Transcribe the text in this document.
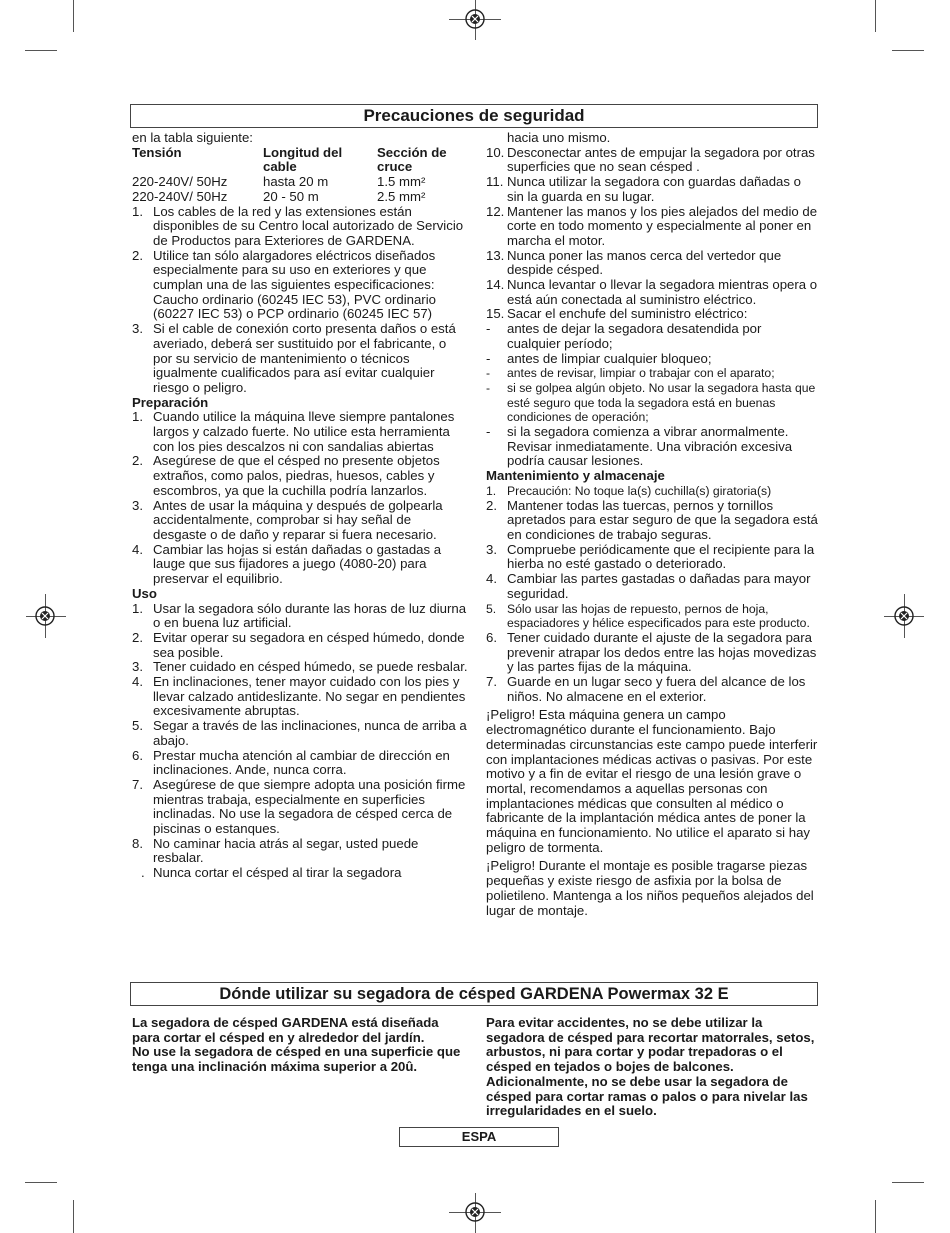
Precauciones de seguridad

en la tabla siguiente:

Tensión	Longitud del cable	Sección de cruce
220-240V/ 50Hz	hasta 20 m	1.5 mm²
220-240V/ 50Hz	20 - 50 m	2.5 mm²
1. Los cables de la red y las extensiones están disponibles de su Centro local autorizado de Servicio de Productos para Exteriores de GARDENA.
2. Utilice tan sólo alargadores eléctricos diseñados especialmente para su uso en exteriores y que cumplan una de las siguientes especificaciones: Caucho ordinario (60245 IEC 53), PVC ordinario (60227 IEC 53) o PCP ordinario (60245 IEC 57)
3. Si el cable de conexión corto presenta daños o está averiado, deberá ser sustituido por el fabricante, o por su servicio de mantenimiento o técnicos igualmente cualificados para así evitar cualquier riesgo o peligro.

Preparación

1. Cuando utilice la máquina lleve siempre pantalones largos y calzado fuerte. No utilice esta herramienta con los pies descalzos ni con sandalias abiertas
2. Asegúrese de que el césped no presente objetos extraños, como palos, piedras, huesos, cables y escombros, ya que la cuchilla podría lanzarlos.
3. Antes de usar la máquina y después de golpearla accidentalmente, comprobar si hay señal de desgaste o de daño y reparar si fuera necesario.
4. Cambiar las hojas si están dañadas o gastadas a lauge que sus fijadores a juego (4080-20) para preservar el equilibrio.

Uso

1. Usar la segadora sólo durante las horas de luz diurna o en buena luz artificial.
2. Evitar operar su segadora en césped húmedo, donde sea posible.
3. Tener cuidado en césped húmedo, se puede resbalar.
4. En inclinaciones, tener mayor cuidado con los pies y llevar calzado antideslizante. No segar en pendientes excesivamente abruptas.
5. Segar a través de las inclinaciones, nunca de arriba a abajo.
6. Prestar mucha atención al cambiar de dirección en inclinaciones. Ande, nunca corra.
7. Asegúrese de que siempre adopta una posición firme mientras trabaja, especialmente en superficies inclinadas. No use la segadora de césped cerca de piscinas o estanques.
8. No caminar hacia atrás al segar, usted puede resbalar.
. Nunca cortar el césped al tirar la segadora

hacia uno mismo.

10. Desconectar antes de empujar la segadora por otras superficies que no sean césped .
11. Nunca utilizar la segadora con guardas dañadas o sin la guarda en su lugar.
12. Mantener las manos y los pies alejados del medio de corte en todo momento y especialmente al poner en marcha el motor.
13. Nunca poner las manos cerca del vertedor que despide césped.
14. Nunca levantar o llevar la segadora mientras opera o está aún conectada al suministro eléctrico.
15. Sacar el enchufe del suministro eléctrico:
- antes de dejar la segadora desatendida por cualquier período;
- antes de limpiar cualquier bloqueo;
- antes de revisar, limpiar o trabajar con el aparato;
- si se golpea algún objeto. No usar la segadora hasta que esté seguro que toda la segadora está en buenas condiciones de operación;
- si la segadora comienza a vibrar anormalmente. Revisar inmediatamente. Una vibración excesiva podría causar lesiones.

Mantenimiento y almacenaje

1. Precaución: No toque la(s) cuchilla(s) giratoria(s)
2. Mantener todas las tuercas, pernos y tornillos apretados para estar seguro de que la segadora está en condiciones de trabajo seguras.
3. Compruebe periódicamente que el recipiente para la hierba no esté gastado o deteriorado.
4. Cambiar las partes gastadas o dañadas para mayor seguridad.
5. Sólo usar las hojas de repuesto, pernos de hoja, espaciadores y hélice especificados para este producto.
6. Tener cuidado durante el ajuste de la segadora para prevenir atrapar los dedos entre las hojas movedizas y las partes fijas de la máquina.
7. Guarde en un lugar seco y fuera del alcance de los niños. No almacene en el exterior.

¡Peligro! Esta máquina genera un campo electromagnético durante el funcionamiento. Bajo determinadas circunstancias este campo puede interferir con implantaciones médicas activas o pasivas. Por este motivo y a fin de evitar el riesgo de una lesión grave o mortal, recomendamos a aquellas personas con implantaciones médicas que consulten al médico o fabricante de la implantación médica antes de poner la máquina en funcionamiento. No utilice el aparato si hay peligro de tormenta.

¡Peligro! Durante el montaje es posible tragarse piezas pequeñas y existe riesgo de asfixia por la bolsa de polietileno. Mantenga a los niños pequeños alejados del lugar de montaje.

Dónde utilizar su segadora de césped GARDENA Powermax 32 E

La segadora de césped GARDENA está diseñada para cortar el césped en y alrededor del jardín.

No use la segadora de césped en una superficie que tenga una inclinación máxima superior a 20û.

Para evitar accidentes, no se debe utilizar la segadora de césped para recortar matorrales, setos, arbustos, ni para cortar y podar trepadoras o el césped en tejados o bojes de balcones. Adicionalmente, no se debe usar la segadora de césped para cortar ramas o palos o para nivelar las irregularidades en el suelo.

ESPA
